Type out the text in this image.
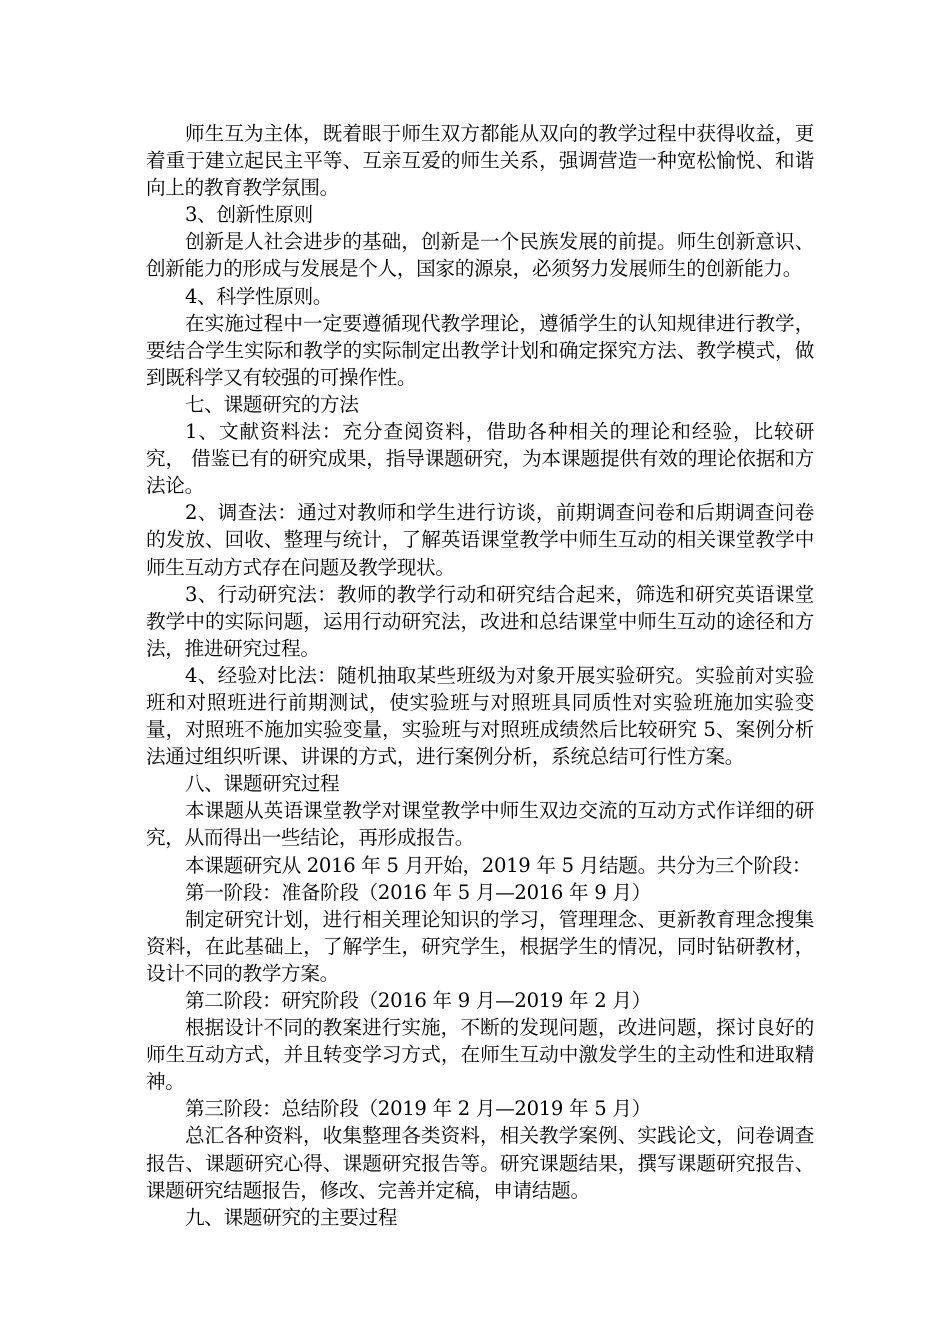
师生互为主体，既着眼于师生双方都能从双向的教学过程中获得收益，更着重于建立起民主平等、互亲互爱的师生关系，强调营造一种宽松愉悦、和谐向上的教育教学氛围。

3、创新性原则

创新是人社会进步的基础，创新是一个民族发展的前提。师生创新意识、创新能力的形成与发展是个人，国家的源泉，必须努力发展师生的创新能力。

4、科学性原则。

在实施过程中一定要遵循现代教学理论，遵循学生的认知规律进行教学，要结合学生实际和教学的实际制定出教学计划和确定探究方法、教学模式，做到既科学又有较强的可操作性。

七、课题研究的方法

1、文献资料法：充分查阅资料，借助各种相关的理论和经验，比较研究， 借鉴已有的研究成果，指导课题研究，为本课题提供有效的理论依据和方法论。

2、调查法：通过对教师和学生进行访谈，前期调查问卷和后期调查问卷的发放、回收、整理与统计，了解英语课堂教学中师生互动的相关课堂教学中师生互动方式存在问题及教学现状。

3、行动研究法：教师的教学行动和研究结合起来，筛选和研究英语课堂教学中的实际问题，运用行动研究法，改进和总结课堂中师生互动的途径和方法，推进研究过程。

4、经验对比法：随机抽取某些班级为对象开展实验研究。实验前对实验班和对照班进行前期测试，使实验班与对照班具同质性对实验班施加实验变量，对照班不施加实验变量，实验班与对照班成绩然后比较研究 5、案例分析法通过组织听课、讲课的方式，进行案例分析，系统总结可行性方案。

八、课题研究过程

本课题从英语课堂教学对课堂教学中师生双边交流的互动方式作详细的研究，从而得出一些结论，再形成报告。

本课题研究从 2016 年 5 月开始，2019 年 5 月结题。共分为三个阶段：

第一阶段：准备阶段（2016 年 5 月—2016 年 9 月）

制定研究计划，进行相关理论知识的学习，管理理念、更新教育理念搜集资料，在此基础上，了解学生，研究学生，根据学生的情况，同时钻研教材，设计不同的教学方案。

第二阶段：研究阶段（2016 年 9 月—2019 年 2 月）

根据设计不同的教案进行实施，不断的发现问题，改进问题，探讨良好的师生互动方式，并且转变学习方式，在师生互动中激发学生的主动性和进取精神。

第三阶段：总结阶段（2019 年 2 月—2019 年 5 月）

总汇各种资料，收集整理各类资料，相关教学案例、实践论文，问卷调查报告、课题研究心得、课题研究报告等。研究课题结果，撰写课题研究报告、课题研究结题报告，修改、完善并定稿，申请结题。

九、课题研究的主要过程
